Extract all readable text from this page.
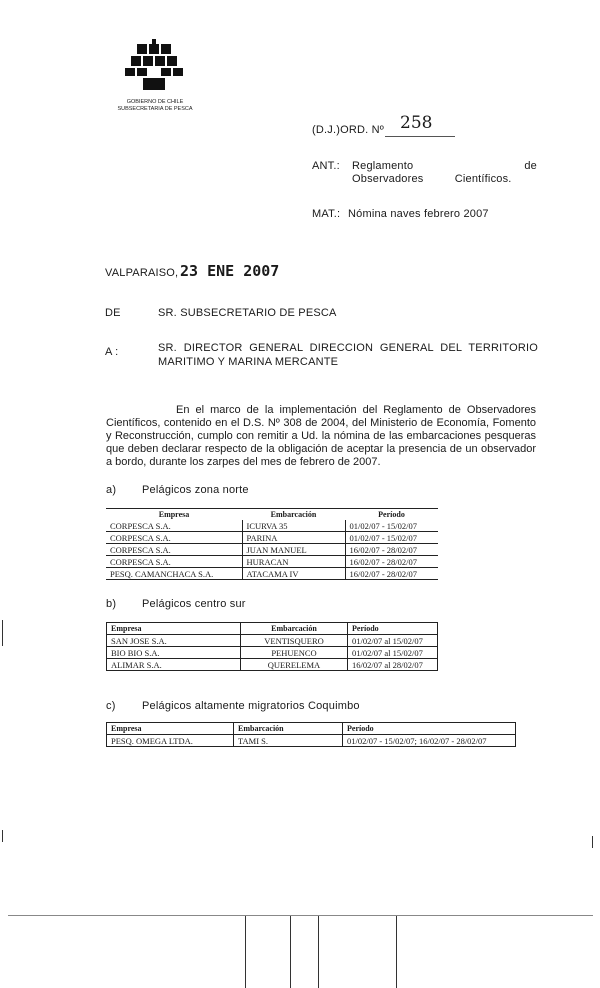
GOBIERNO DE CHILE
SUBSECRETARIA DE PESCA
(D.J.)ORD. Nº 258
ANT.: Reglamento de Observadores Científicos.
MAT.: Nómina naves febrero 2007
VALPARAISO, 23 ENE 2007
DE	SR. SUBSECRETARIO DE PESCA
A :	SR. DIRECTOR GENERAL DIRECCION GENERAL DEL TERRITORIO
MARITIMO Y MARINA MERCANTE
En el marco de la implementación del Reglamento de Observadores Científicos, contenido en el D.S. Nº 308 de 2004, del Ministerio de Economía, Fomento y Reconstrucción, cumplo con remitir a Ud. la nómina de las embarcaciones pesqueras que deben declarar respecto de la obligación de aceptar la presencia de un observador a bordo, durante los zarpes del mes de febrero de 2007.
a) Pelágicos zona norte
Empresa	Embarcación	Período
CORPESCA S.A.	ICURVA 35	01/02/07 - 15/02/07
CORPESCA S.A.	PARINA	01/02/07 - 15/02/07
CORPESCA S.A.	JUAN MANUEL	16/02/07 - 28/02/07
CORPESCA S.A.	HURACAN	16/02/07 - 28/02/07
PESQ. CAMANCHACA S.A.	ATACAMA IV	16/02/07 - 28/02/07
b) Pelágicos centro sur
Empresa	Embarcación	Período
SAN JOSE S.A.	VENTISQUERO	01/02/07 al 15/02/07
BIO BIO S.A.	PEHUENCO	01/02/07 al 15/02/07
ALIMAR S.A.	QUERELEMA	16/02/07 al 28/02/07
c) Pelágicos altamente migratorios Coquimbo
Empresa	Embarcación	Período
PESQ. OMEGA LTDA.	TAMI S.	01/02/07 - 15/02/07; 16/02/07 - 28/02/07
